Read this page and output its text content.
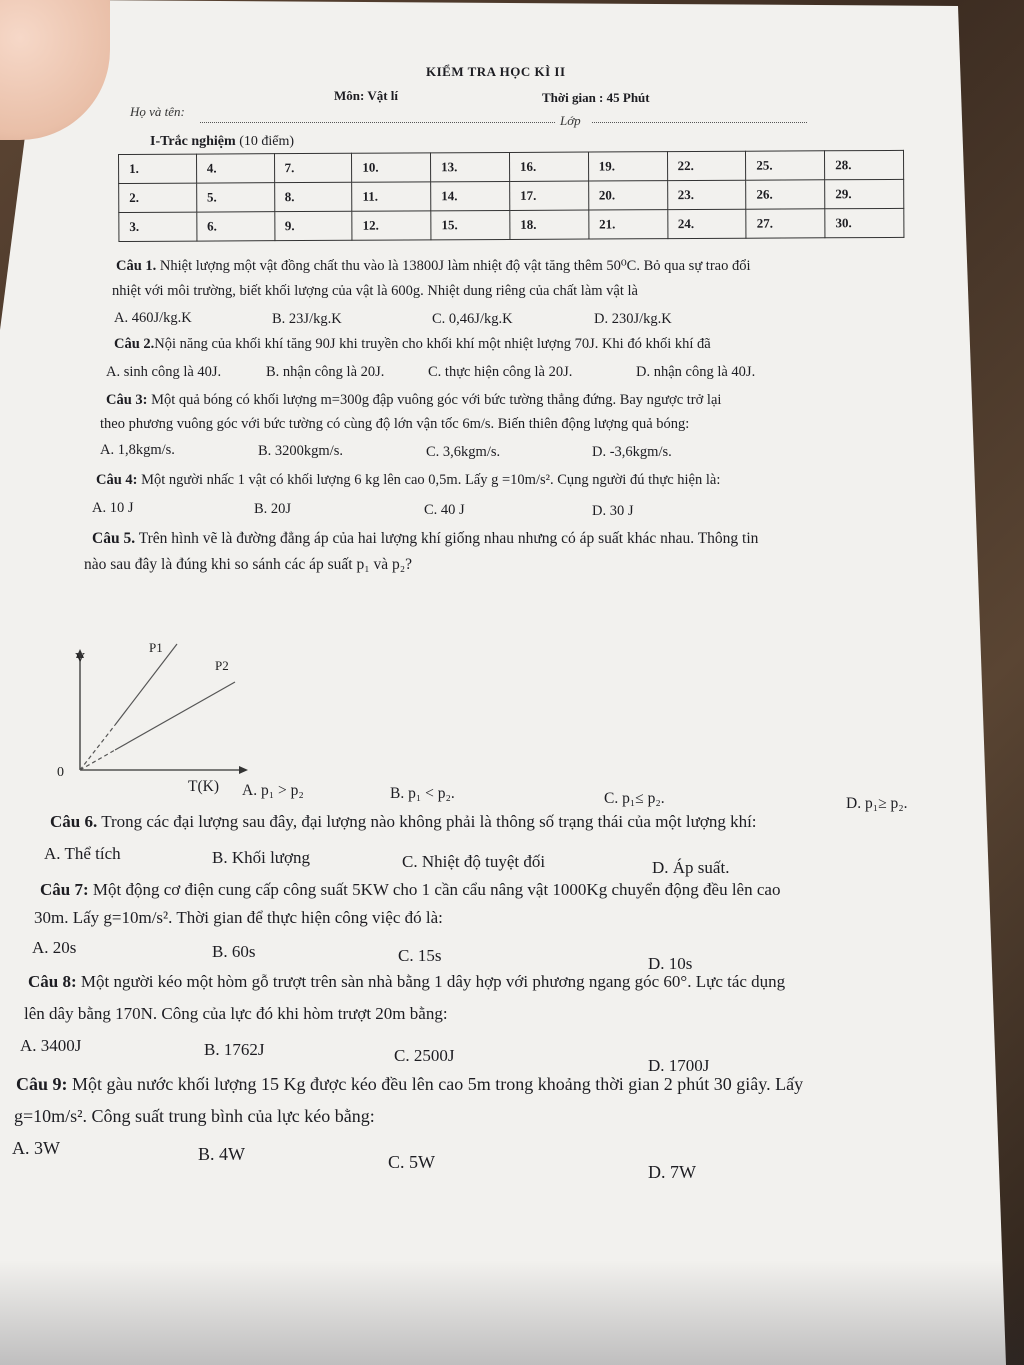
KIỂM TRA HỌC KÌ II
Môn: Vật lí	Thời gian : 45 Phút
Họ và tên:
Lớp
I-Trắc nghiệm (10 điểm)
1.	4.	7.	10.	13.	16.	19.	22.	25.	28.
2.	5.	8.	11.	14.	17.	20.	23.	26.	29.
3.	6.	9.	12.	15.	18.	21.	24.	27.	30.
Câu 1. Nhiệt lượng một vật đồng chất thu vào là 13800J làm nhiệt độ vật tăng thêm 50⁰C. Bỏ qua sự trao đổi
nhiệt với môi trường, biết khối lượng của vật là 600g. Nhiệt dung riêng của chất làm vật là
A. 460J/kg.K	B. 23J/kg.K	C. 0,46J/kg.K	D. 230J/kg.K
Câu 2.Nội năng của khối khí tăng 90J khi truyền cho khối khí một nhiệt lượng 70J. Khi đó khối khí đã
A. sinh công là 40J.	B. nhận công là 20J.	C. thực hiện công là 20J.	D. nhận công là 40J.
Câu 3: Một quả bóng có khối lượng m=300g đập vuông góc với bức tường thẳng đứng. Bay ngược trở lại
theo phương vuông góc với bức tường có cùng độ lớn vận tốc 6m/s. Biến thiên động lượng quả bóng:
A. 1,8kgm/s.	B. 3200kgm/s.	C. 3,6kgm/s.	D. -3,6kgm/s.
Câu 4: Một người nhấc 1 vật có khối lượng 6 kg lên cao 0,5m. Lấy g =10m/s². Cụng người đú thực hiện là:
A. 10 J	B. 20J	C. 40 J	D. 30 J
Câu 5. Trên hình vẽ là đường đẳng áp của hai lượng khí giống nhau nhưng có áp suất khác nhau. Thông tin
nào sau đây là đúng khi so sánh các áp suất p₁ và p₂?
V
0
P1
P2
T(K) A. p₁ > p₂	B. p₁ < p₂.	C. p₁≤ p₂.	D. p₁≥ p₂.
Câu 6. Trong các đại lượng sau đây, đại lượng nào không phải là thông số trạng thái của một lượng khí:
A. Thể tích	B. Khối lượng	C. Nhiệt độ tuyệt đối	D. Áp suất.
Câu 7: Một động cơ điện cung cấp công suất 5KW cho 1 cần cẩu nâng vật 1000Kg chuyển động đều lên cao
30m. Lấy g=10m/s². Thời gian để thực hiện công việc đó là:
A. 20s	B. 60s	C. 15s	D. 10s
Câu 8: Một người kéo một hòm gỗ trượt trên sàn nhà bằng 1 dây hợp với phương ngang góc 60°. Lực tác dụng
lên dây bằng 170N. Công của lực đó khi hòm trượt 20m bằng:
A. 3400J	B. 1762J	C. 2500J
D. 1700J
Câu 9: Một gàu nước khối lượng 15 Kg được kéo đều lên cao 5m trong khoảng thời gian 2 phút 30 giây. Lấy
g=10m/s². Công suất trung bình của lực kéo bằng:
A. 3W	B. 4W	C. 5W	D. 7W
